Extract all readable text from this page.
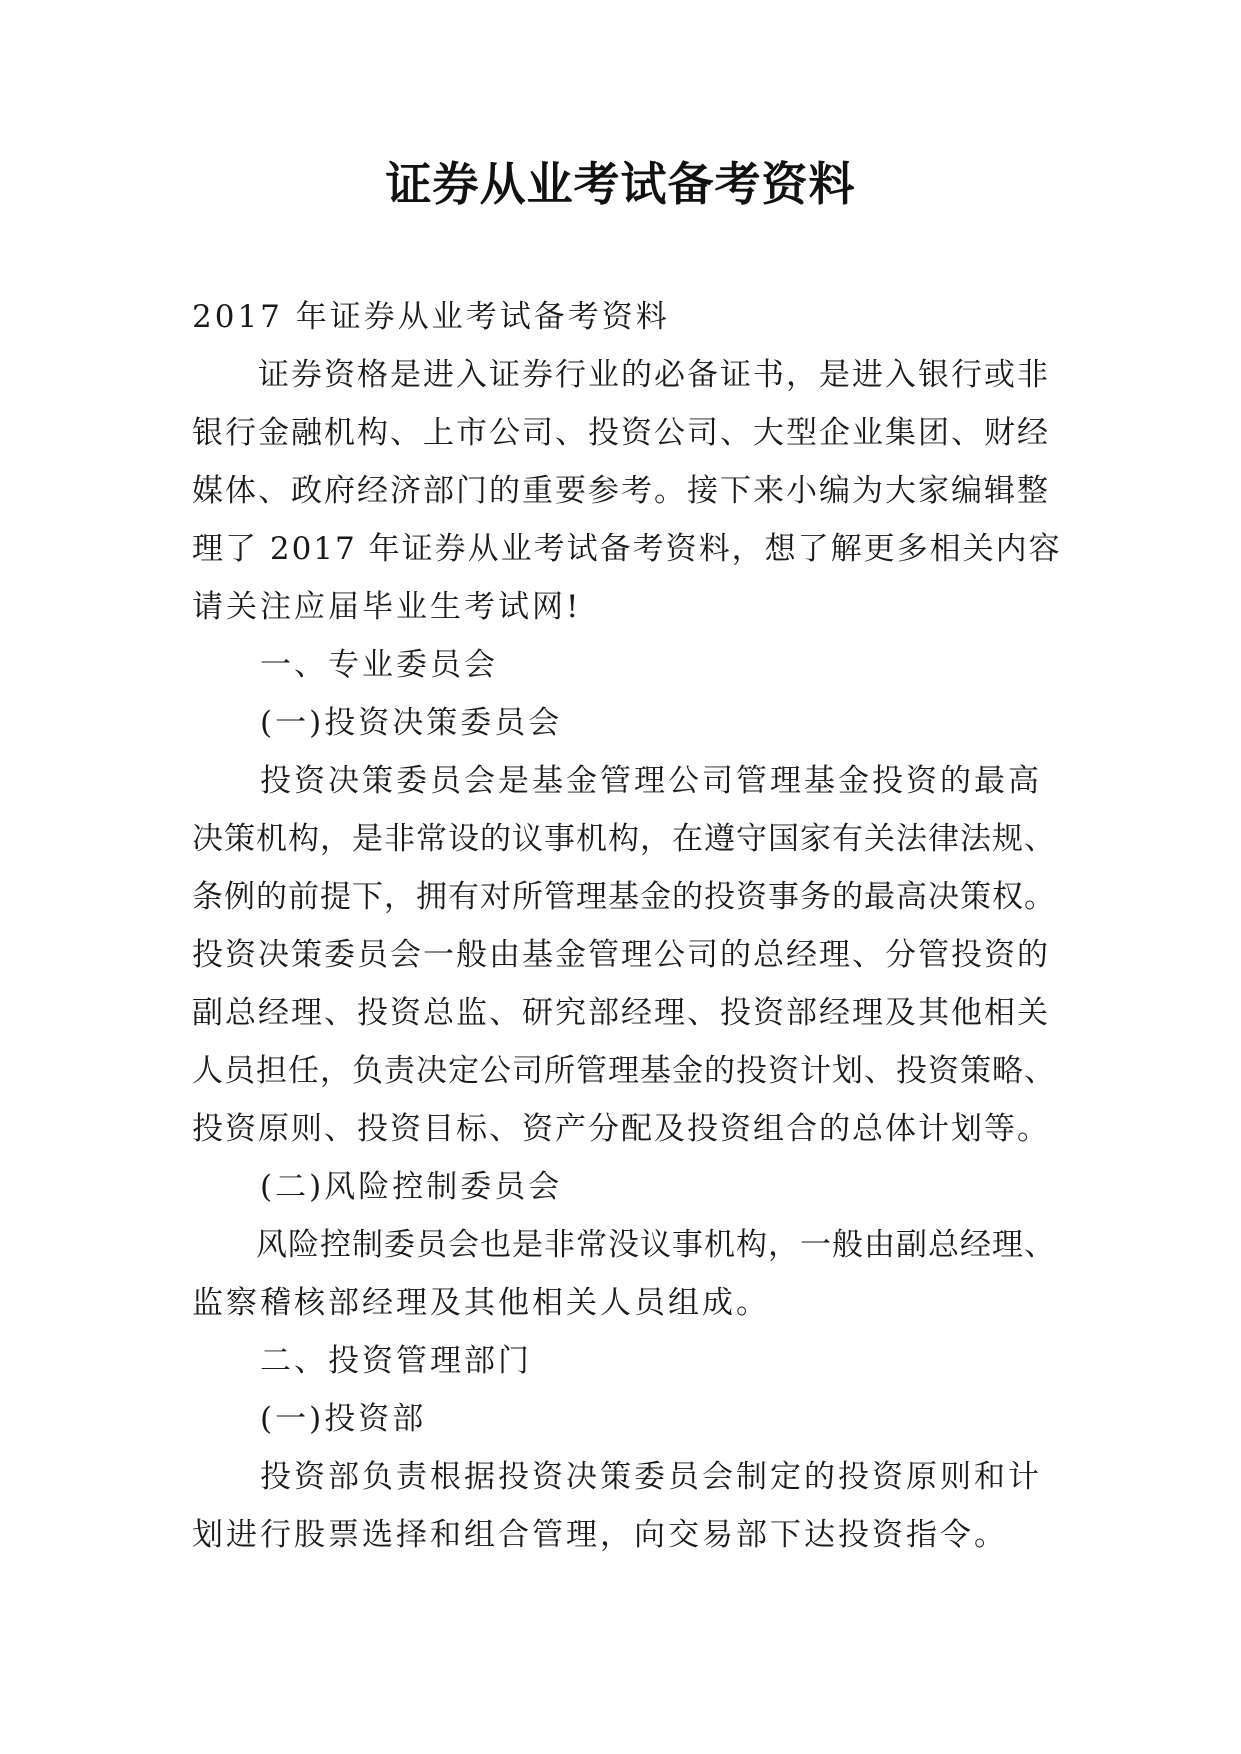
证券从业考试备考资料

2017 年证券从业考试备考资料

　　证券资格是进入证券行业的必备证书，是进入银行或非

银行金融机构、上市公司、投资公司、大型企业集团、财经

媒体、政府经济部门的重要参考。接下来小编为大家编辑整

理了 2017 年证券从业考试备考资料，想了解更多相关内容

请关注应届毕业生考试网!

　　一、专业委员会

　　(一)投资决策委员会

　　投资决策委员会是基金管理公司管理基金投资的最高

决策机构，是非常设的议事机构，在遵守国家有关法律法规、

条例的前提下，拥有对所管理基金的投资事务的最高决策权。

投资决策委员会一般由基金管理公司的总经理、分管投资的

副总经理、投资总监、研究部经理、投资部经理及其他相关

人员担任，负责决定公司所管理基金的投资计划、投资策略、

投资原则、投资目标、资产分配及投资组合的总体计划等。

　　(二)风险控制委员会

　　风险控制委员会也是非常没议事机构，一般由副总经理、

监察稽核部经理及其他相关人员组成。

　　二、投资管理部门

　　(一)投资部

　　投资部负责根据投资决策委员会制定的投资原则和计

划进行股票选择和组合管理，向交易部下达投资指令。
